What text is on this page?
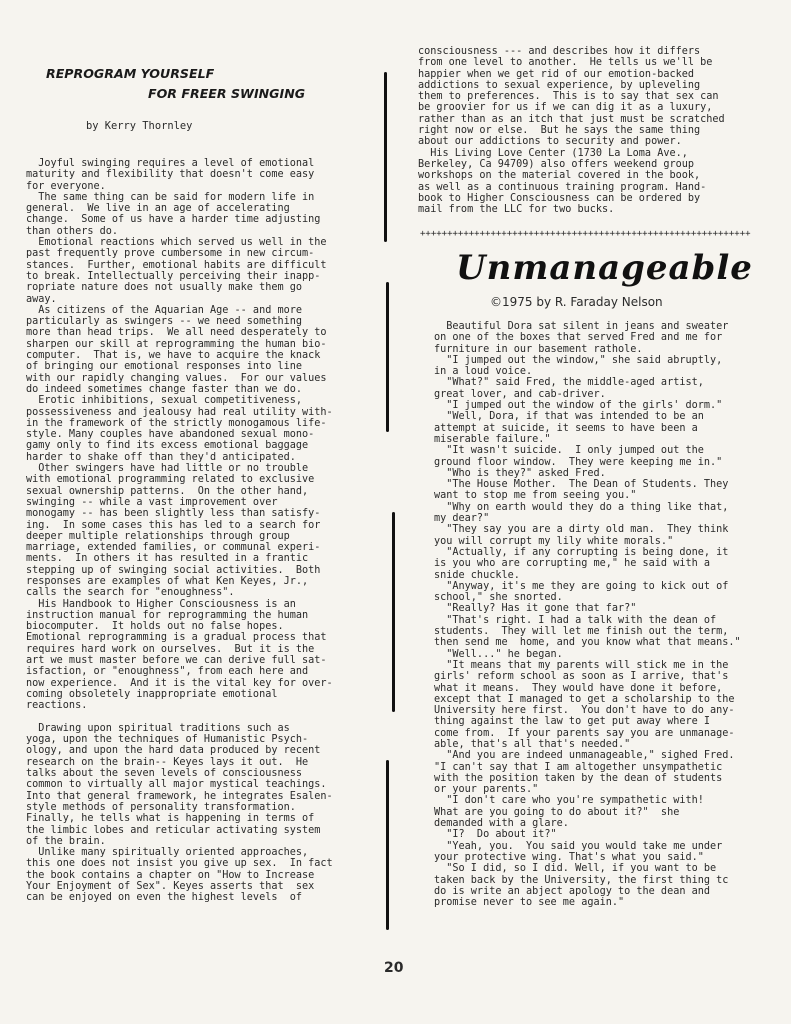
REPROGRAM YOURSELF
FOR FREER SWINGING
by Kerry Thornley
Joyful swinging requires a level of emotional
maturity and flexibility that doesn't come easy
for everyone.
The same thing can be said for modern life in
general.  We live in an age of accelerating
change.  Some of us have a harder time adjusting
than others do.
Emotional reactions which served us well in the
past frequently prove cumbersome in new circum-
stances.  Further, emotional habits are difficult
to break. Intellectually perceiving their inapp-
ropriate nature does not usually make them go
away.
As citizens of the Aquarian Age -- and more
particularly as swingers -- we need something
more than head trips.  We all need desperately to
sharpen our skill at reprogramming the human bio-
computer.  That is, we have to acquire the knack
of bringing our emotional responses into line
with our rapidly changing values.  For our values
do indeed sometimes change faster than we do.
Erotic inhibitions, sexual competitiveness,
possessiveness and jealousy had real utility with-
in the framework of the strictly monogamous life-
style. Many couples have abandoned sexual mono-
gamy only to find its excess emotional baggage
harder to shake off than they'd anticipated.
Other swingers have had little or no trouble
with emotional programming related to exclusive
sexual ownership patterns.  On the other hand,
swinging -- while a vast improvement over
monogamy -- has been slightly less than satisfy-
ing.  In some cases this has led to a search for
deeper multiple relationships through group
marriage, extended families, or communal experi-
ments.  In others it has resulted in a frantic
stepping up of swinging social activities.  Both
responses are examples of what Ken Keyes, Jr.,
calls the search for "enoughness".
His Handbook to Higher Consciousness is an
instruction manual for reprogramming the human
biocomputer.  It holds out no false hopes.
Emotional reprogramming is a gradual process that
requires hard work on ourselves.  But it is the
art we must master before we can derive full sat-
isfaction, or "enoughness", from each here and
now experience.  And it is the vital key for over-
coming obsoletely inappropriate emotional
reactions.

Drawing upon spiritual traditions such as
yoga, upon the techniques of Humanistic Psych-
ology, and upon the hard data produced by recent
research on the brain-- Keyes lays it out.  He
talks about the seven levels of consciousness
common to virtually all major mystical teachings.
Into that general framework, he integrates Esalen-
style methods of personality transformation.
Finally, he tells what is happening in terms of
the limbic lobes and reticular activating system
of the brain.
Unlike many spiritually oriented approaches,
this one does not insist you give up sex.  In fact
the book contains a chapter on "How to Increase
Your Enjoyment of Sex". Keyes asserts that  sex
can be enjoyed on even the highest levels  of
consciousness --- and describes how it differs
from one level to another.  He tells us we'll be
happier when we get rid of our emotion-backed
addictions to sexual experience, by upleveling
them to preferences.  This is to say that sex can
be groovier for us if we can dig it as a luxury,
rather than as an itch that just must be scratched
right now or else.  But he says the same thing
about our addictions to security and power.
His Living Love Center (1730 La Loma Ave.,
Berkeley, Ca 94709) also offers weekend group
workshops on the material covered in the book,
as well as a continuous training program. Hand-
book to Higher Consciousness can be ordered by
mail from the LLC for two bucks.
+++++++++++++++++++++++++++++++++++++++++++++++++++++++++++++
Unmanageable
©1975 by R. Faraday Nelson
Beautiful Dora sat silent in jeans and sweater
on one of the boxes that served Fred and me for
furniture in our basement rathole.
"I jumped out the window," she said abruptly,
in a loud voice.
"What?" said Fred, the middle-aged artist,
great lover, and cab-driver.
"I jumped out the window of the girls' dorm."
"Well, Dora, if that was intended to be an
attempt at suicide, it seems to have been a
miserable failure."
"It wasn't suicide.  I only jumped out the
ground floor window.  They were keeping me in."
"Who is they?" asked Fred.
"The House Mother.  The Dean of Students. They
want to stop me from seeing you."
"Why on earth would they do a thing like that,
my dear?"
"They say you are a dirty old man.  They think
you will corrupt my lily white morals."
"Actually, if any corrupting is being done, it
is you who are corrupting me," he said with a
snide chuckle.
"Anyway, it's me they are going to kick out of
school," she snorted.
"Really? Has it gone that far?"
"That's right. I had a talk with the dean of
students.  They will let me finish out the term,
then send me  home, and you know what that means."
"Well..." he began.
"It means that my parents will stick me in the
girls' reform school as soon as I arrive, that's
what it means.  They would have done it before,
except that I managed to get a scholarship to the
University here first.  You don't have to do any-
thing against the law to get put away where I
come from.  If your parents say you are unmanage-
able, that's all that's needed."
"And you are indeed unmanageable," sighed Fred.
"I can't say that I am altogether unsympathetic
with the position taken by the dean of students
or your parents."
"I don't care who you're sympathetic with!
What are you going to do about it?"  she
demanded with a glare.
"I?  Do about it?"
"Yeah, you.  You said you would take me under
your protective wing. That's what you said."
"So I did, so I did. Well, if you want to be
taken back by the University, the first thing tc
do is write an abject apology to the dean and
promise never to see me again."
20
